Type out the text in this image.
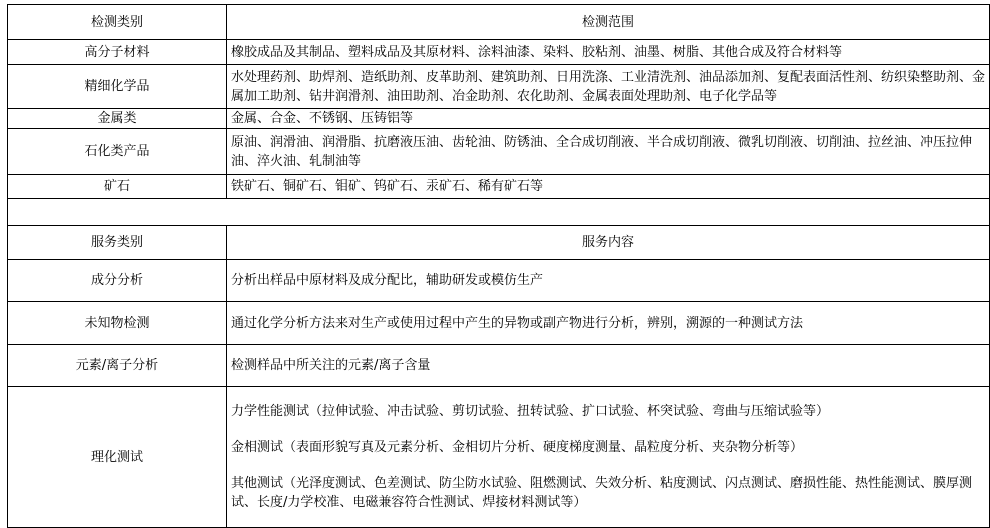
检测类别	检测范围
高分子材料	橡胶成品及其制品、塑料成品及其原材料、涂料油漆、染料、胶粘剂、油墨、树脂、其他合成及符合材料等
精细化学品	水处理药剂、助焊剂、造纸助剂、皮革助剂、建筑助剂、日用洗涤、工业清洗剂、油品添加剂、复配表面活性剂、纺织染整助剂、金属加工助剂、钻井润滑剂、油田助剂、冶金助剂、农化助剂、金属表面处理助剂、电子化学品等
金属类	金属、合金、不锈钢、压铸铝等
石化类产品	原油、润滑油、润滑脂、抗磨液压油、齿轮油、防锈油、全合成切削液、半合成切削液、微乳切削液、切削油、拉丝油、冲压拉伸油、淬火油、轧制油等
矿石	铁矿石、铜矿石、钼矿、钨矿石、汞矿石、稀有矿石等

服务类别	服务内容
成分分析	分析出样品中原材料及成分配比，辅助研发或模仿生产
未知物检测	通过化学分析方法来对生产或使用过程中产生的异物或副产物进行分析，辨别，溯源的一种测试方法
元素/离子分析	检测样品中所关注的元素/离子含量
理化测试	力学性能测试（拉伸试验、冲击试验、剪切试验、扭转试验、扩口试验、杯突试验、弯曲与压缩试验等）
金相测试（表面形貌写真及元素分析、金相切片分析、硬度梯度测量、晶粒度分析、夹杂物分析等）
其他测试（光泽度测试、色差测试、防尘防水试验、阻燃测试、失效分析、粘度测试、闪点测试、磨损性能、热性能测试、膜厚测试、长度/力学校准、电磁兼容符合性测试、焊接材料测试等）
